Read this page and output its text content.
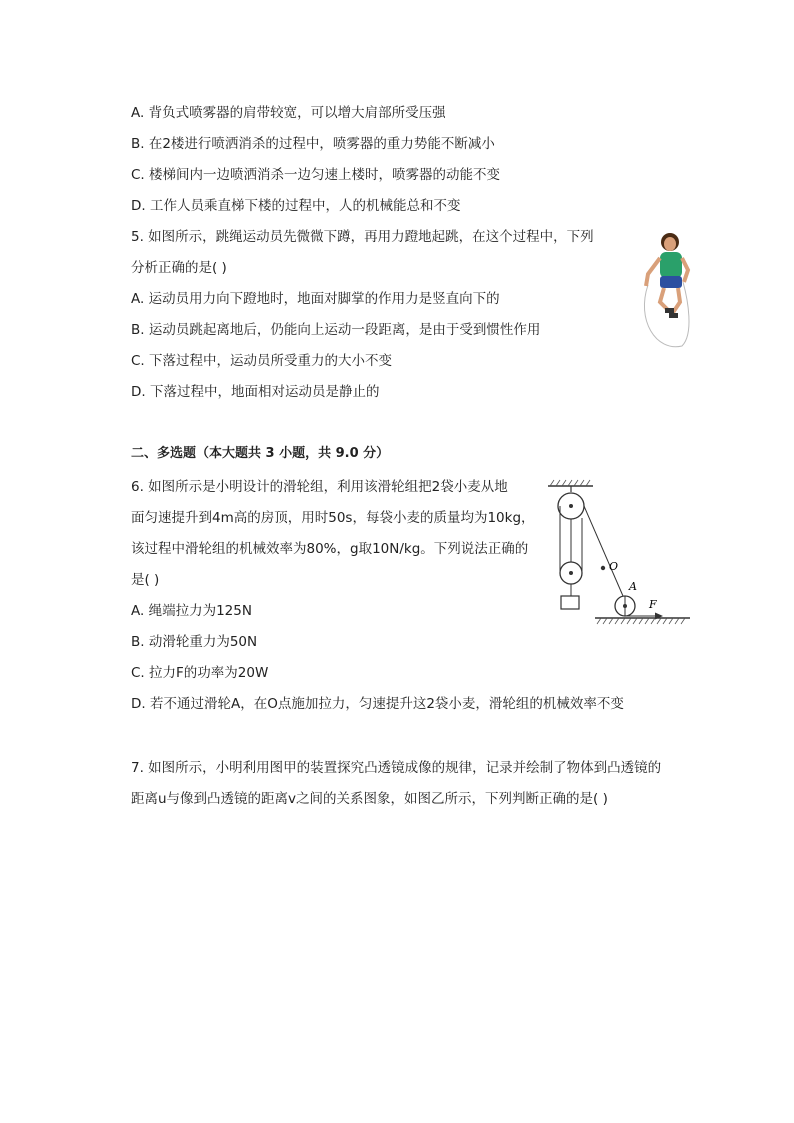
A. 背负式喷雾器的肩带较宽，可以增大肩部所受压强
B. 在2楼进行喷洒消杀的过程中，喷雾器的重力势能不断减小
C. 楼梯间内一边喷洒消杀一边匀速上楼时，喷雾器的动能不变
D. 工作人员乘直梯下楼的过程中，人的机械能总和不变
5. 如图所示，跳绳运动员先微微下蹲，再用力蹬地起跳，在这个过程中，下列
分析正确的是( )
A. 运动员用力向下蹬地时，地面对脚掌的作用力是竖直向下的
B. 运动员跳起离地后，仍能向上运动一段距离，是由于受到惯性作用
C. 下落过程中，运动员所受重力的大小不变
D. 下落过程中，地面相对运动员是静止的
二、多选题（本大题共 3 小题，共 9.0 分）
6. 如图所示是小明设计的滑轮组，利用该滑轮组把2袋小麦从地
面匀速提升到4m高的房顶，用时50s，每袋小麦的质量均为10kg，
该过程中滑轮组的机械效率为80%，g取10N/kg。下列说法正确的
是( )
A. 绳端拉力为125N
B. 动滑轮重力为50N
C. 拉力F的功率为20W
D. 若不通过滑轮A，在O点施加拉力，匀速提升这2袋小麦，滑轮组的机械效率不变
O
A
F
7. 如图所示，小明利用图甲的装置探究凸透镜成像的规律，记录并绘制了物体到凸透镜的
距离u与像到凸透镜的距离v之间的关系图象，如图乙所示，下列判断正确的是( )
